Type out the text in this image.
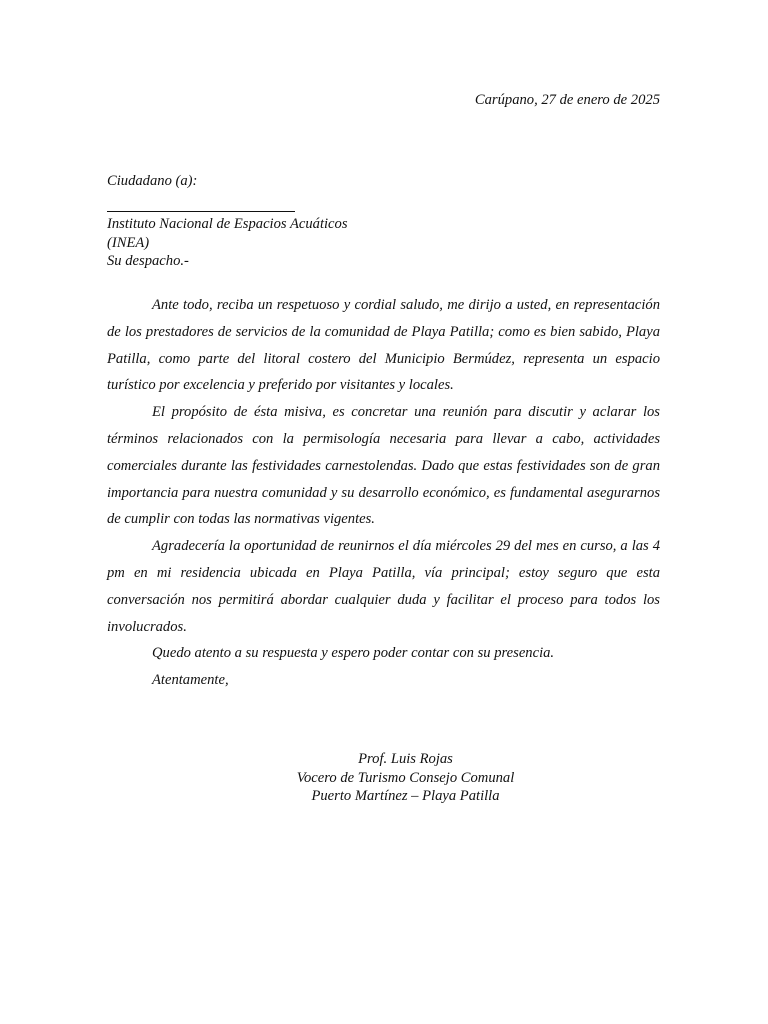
Carúpano, 27 de enero de 2025
Ciudadano (a):
Instituto Nacional de Espacios Acuáticos
(INEA)
Su despacho.-

Ante todo, reciba un respetuoso y cordial saludo, me dirijo a usted, en representación de los prestadores de servicios de la comunidad de Playa Patilla; como es bien sabido, Playa Patilla, como parte del litoral costero del Municipio Bermúdez, representa un espacio turístico por excelencia y preferido por visitantes y locales.

El propósito de ésta misiva, es concretar una reunión para discutir y aclarar los términos relacionados con la permisología necesaria para llevar a cabo, actividades comerciales durante las festividades carnestolendas. Dado que estas festividades son de gran importancia para nuestra comunidad y su desarrollo económico, es fundamental asegurarnos de cumplir con todas las normativas vigentes.

Agradecería la oportunidad de reunirnos el día miércoles 29 del mes en curso, a las 4 pm en mi residencia ubicada en Playa Patilla, vía principal; estoy seguro que esta conversación nos permitirá abordar cualquier duda y facilitar el proceso para todos los involucrados.

Quedo atento a su respuesta y espero poder contar con su presencia.

Atentamente,

Prof. Luis Rojas
Vocero de Turismo Consejo Comunal
Puerto Martínez – Playa Patilla
